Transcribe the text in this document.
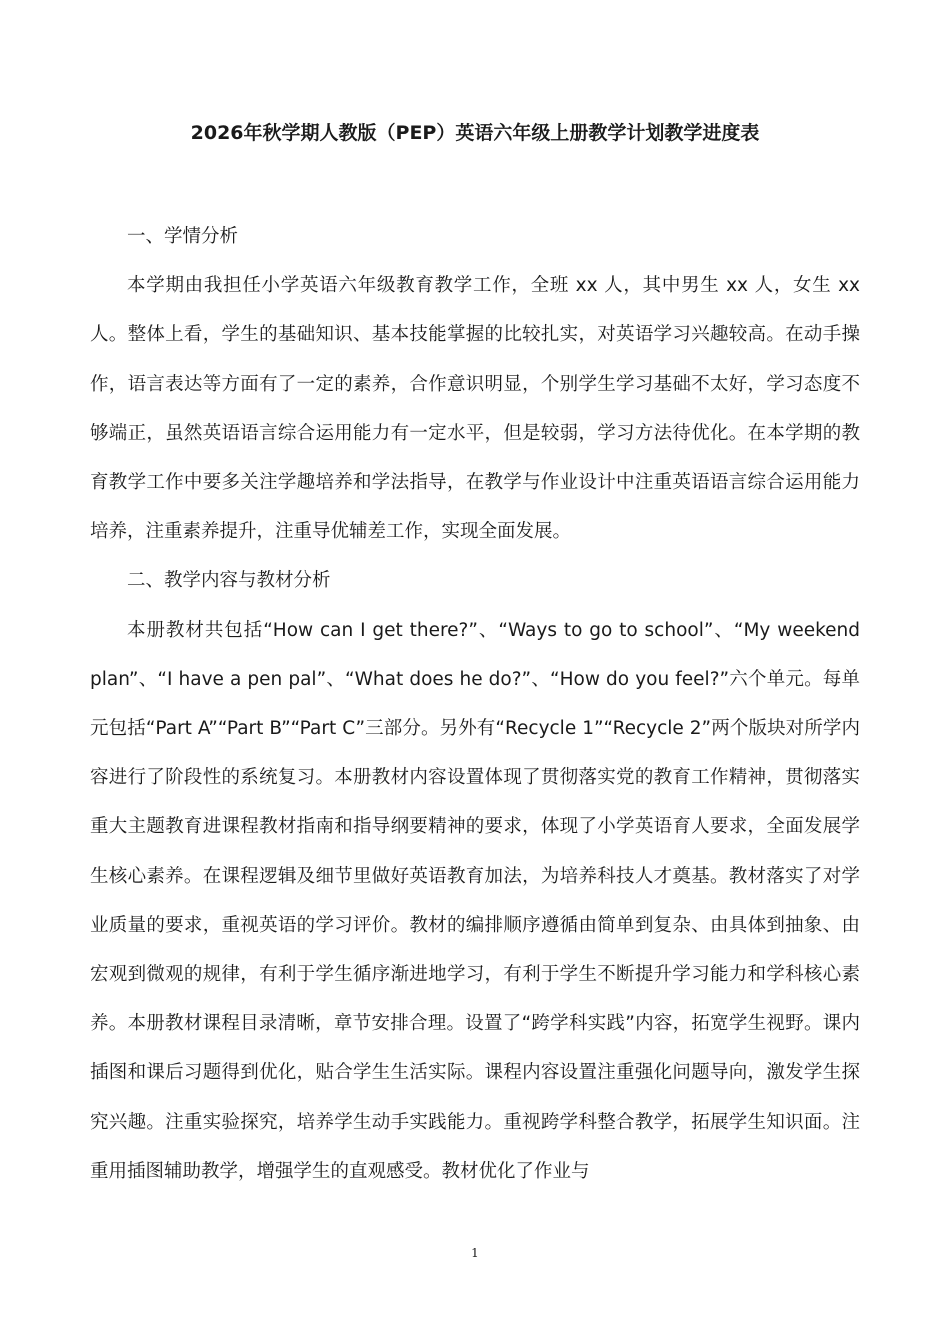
2026年秋学期人教版（PEP）英语六年级上册教学计划教学进度表

一、学情分析

本学期由我担任小学英语六年级教育教学工作，全班 xx 人，其中男生 xx 人，女生 xx 人。整体上看，学生的基础知识、基本技能掌握的比较扎实，对英语学习兴趣较高。在动手操作，语言表达等方面有了一定的素养，合作意识明显，个别学生学习基础不太好，学习态度不够端正，虽然英语语言综合运用能力有一定水平，但是较弱，学习方法待优化。在本学期的教育教学工作中要多关注学趣培养和学法指导，在教学与作业设计中注重英语语言综合运用能力培养，注重素养提升，注重导优辅差工作，实现全面发展。

二、教学内容与教材分析

本册教材共包括“How can I get there?”、“Ways to go to school”、“My weekend plan”、“I have a pen pal”、“What does he do?”、“How do you feel?”六个单元。每单元包括“Part A”“Part B”“Part C”三部分。另外有“Recycle 1”“Recycle 2”两个版块对所学内容进行了阶段性的系统复习。本册教材内容设置体现了贯彻落实党的教育工作精神，贯彻落实重大主题教育进课程教材指南和指导纲要精神的要求，体现了小学英语育人要求，全面发展学生核心素养。在课程逻辑及细节里做好英语教育加法，为培养科技人才奠基。教材落实了对学业质量的要求，重视英语的学习评价。教材的编排顺序遵循由简单到复杂、由具体到抽象、由宏观到微观的规律，有利于学生循序渐进地学习，有利于学生不断提升学习能力和学科核心素养。本册教材课程目录清晰，章节安排合理。设置了“跨学科实践”内容，拓宽学生视野。课内插图和课后习题得到优化，贴合学生生活实际。课程内容设置注重强化问题导向，激发学生探究兴趣。注重实验探究，培养学生动手实践能力。重视跨学科整合教学，拓展学生知识面。注重用插图辅助教学，增强学生的直观感受。教材优化了作业与

1
